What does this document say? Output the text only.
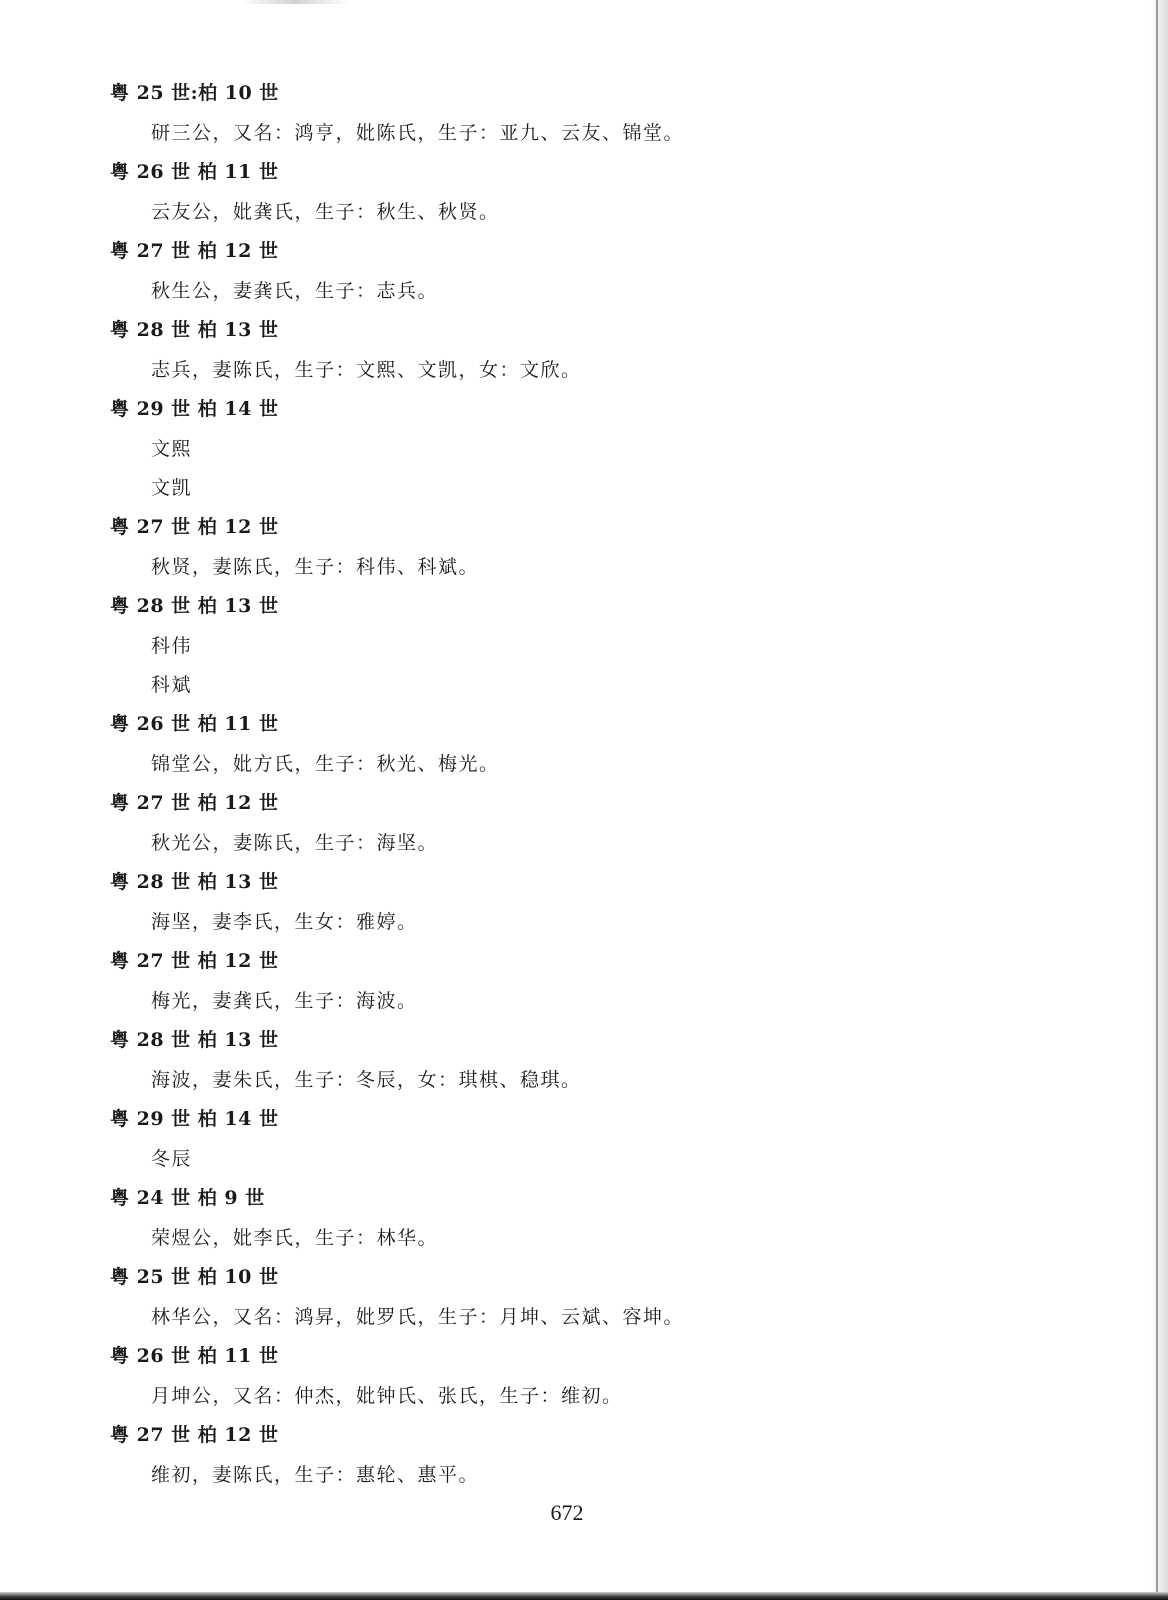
粤 25 世:柏 10 世
研三公，又名：鸿亨，妣陈氏，生子：亚九、云友、锦堂。
粤 26 世 柏 11 世
云友公，妣龚氏，生子：秋生、秋贤。
粤 27 世 柏 12 世
秋生公，妻龚氏，生子：志兵。
粤 28 世 柏 13 世
志兵，妻陈氏，生子：文熙、文凯，女：文欣。
粤 29 世 柏 14 世
文熙
文凯
粤 27 世 柏 12 世
秋贤，妻陈氏，生子：科伟、科斌。
粤 28 世 柏 13 世
科伟
科斌
粤 26 世 柏 11 世
锦堂公，妣方氏，生子：秋光、梅光。
粤 27 世 柏 12 世
秋光公，妻陈氏，生子：海坚。
粤 28 世 柏 13 世
海坚，妻李氏，生女：雅婷。
粤 27 世 柏 12 世
梅光，妻龚氏，生子：海波。
粤 28 世 柏 13 世
海波，妻朱氏，生子：冬辰，女：琪棋、稳琪。
粤 29 世 柏 14 世
冬辰
粤 24 世 柏 9 世
荣煜公，妣李氏，生子：林华。
粤 25 世 柏 10 世
林华公，又名：鸿昇，妣罗氏，生子：月坤、云斌、容坤。
粤 26 世 柏 11 世
月坤公，又名：仲杰，妣钟氏、张氏，生子：维初。
粤 27 世 柏 12 世
维初，妻陈氏，生子：惠轮、惠平。
672
